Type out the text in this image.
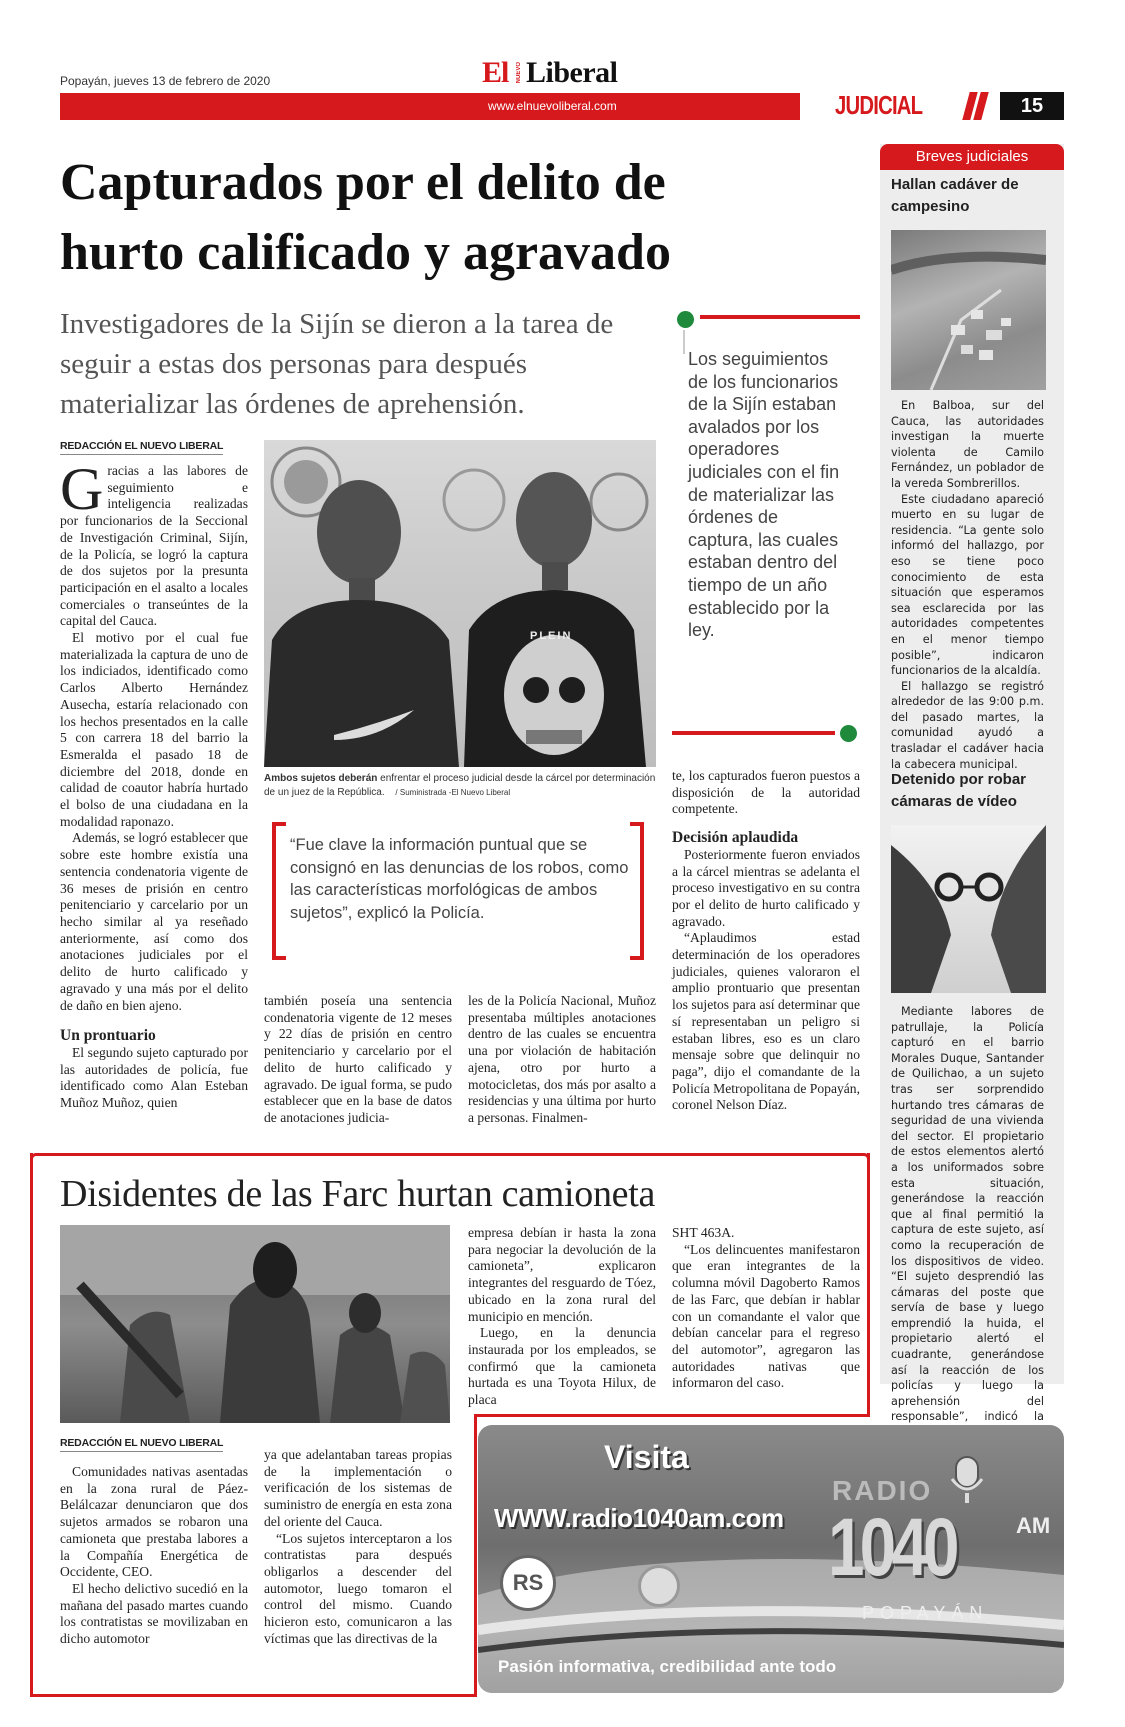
Popayán, jueves 13 de febrero de 2020	El NUEVO Liberal
www.elnuevoliberal.com	JUDICIAL	15
Capturados por el delito de
hurto calificado y agravado
Investigadores de la Sijín se dieron a la tarea de seguir a estas dos personas para después materializar las órdenes de aprehensión.
Los seguimientos de los funcionarios de la Sijín estaban avalados por los operadores judiciales con el fin de materializar las órdenes de captura, las cuales estaban dentro del tiempo de un año establecido por la ley.
REDACCIÓN EL NUEVO LIBERAL
G racias a las labores de seguimiento e inteligencia realizadas por funcionarios de la Seccional de Investigación Criminal, Sijín, de la Policía, se logró la captura de dos sujetos por la presunta participación en el asalto a locales comerciales o transeúntes de la capital del Cauca.

El motivo por el cual fue materializada la captura de uno de los indiciados, identificado como Carlos Alberto Hernández Ausecha, estaría relacionado con los hechos presentados en la calle 5 con carrera 18 del barrio la Esmeralda el pasado 18 de diciembre del 2018, donde en calidad de coautor habría hurtado el bolso de una ciudadana en la modalidad raponazo.

Además, se logró establecer que sobre este hombre existía una sentencia condenatoria vigente de 36 meses de prisión en centro penitenciario y carcelario por un hecho similar al ya reseñado anteriormente, así como dos anotaciones judiciales por el delito de hurto calificado y agravado y una más por el delito de daño en bien ajeno.

Un prontuario

El segundo sujeto capturado por las autoridades de policía, fue identificado como Alan Esteban Muñoz Muñoz, quien

PLEIN
Ambos sujetos deberán enfrentar el proceso judicial desde la cárcel por determinación de un juez de la República. / Suministrada -El Nuevo Liberal
“Fue clave la información puntual que se consignó en las denuncias de los robos, como las características morfológicas de ambos sujetos”, explicó la Policía.
también poseía una sentencia condenatoria vigente de 12 meses y 22 días de prisión en centro penitenciario y carcelario por el delito de hurto calificado y agravado. De igual forma, se pudo establecer que en la base de datos de anotaciones judicia-
les de la Policía Nacional, Muñoz presentaba múltiples anotaciones dentro de las cuales se encuentra una por violación de habitación ajena, otro por hurto a motocicletas, dos más por asalto a residencias y una última por hurto a personas. Finalmen-
te, los capturados fueron puestos a disposición de la autoridad competente.
Decisión aplaudida

Posteriormente fueron enviados a la cárcel mientras se adelanta el proceso investigativo en su contra por el delito de hurto calificado y agravado.

“Aplaudimos estad determinación de los operadores judiciales, quienes valoraron el amplio prontuario que presentan los sujetos para así determinar que sí representaban un peligro si estaban libres, eso es un claro mensaje sobre que delinquir no paga”, dijo el comandante de la Policía Metropolitana de Popayán, coronel Nelson Díaz.

Breves judiciales
Hallan cadáver de campesino

En Balboa, sur del Cauca, las autoridades investigan la muerte violenta de Camilo Fernández, un poblador de la vereda Sombrerillos.

Este ciudadano apareció muerto en su lugar de residencia. “La gente solo informó del hallazgo, por eso se tiene poco conocimiento de esta situación que esperamos sea esclarecida por las autoridades competentes en el menor tiempo posible”, indicaron funcionarios de la alcaldía.

El hallazgo se registró alrededor de las 9:00 p.m. del pasado martes, la comunidad ayudó a trasladar el cadáver hacia la cabecera municipal.

Detenido por robar cámaras de vídeo

Mediante labores de patrullaje, la Policía capturó en el barrio Morales Duque, Santander de Quilichao, a un sujeto tras ser sorprendido hurtando tres cámaras de seguridad de una vivienda del sector. El propietario de estos elementos alertó a los uniformados sobre esta situación, generándose la reacción que al final permitió la captura de este sujeto, así como la recuperación de los dispositivos de video. “El sujeto desprendió las cámaras del poste que servía de base y luego emprendió la huida, el propietario alertó el cuadrante, generándose así la reacción de los policías y luego la aprehensión del responsable”, indicó la

Disidentes de las Farc hurtan camioneta
REDACCIÓN EL NUEVO LIBERAL

Comunidades nativas asentadas en la zona rural de Páez-Belálcazar denunciaron que dos sujetos armados se robaron una camioneta que prestaba labores a la Compañía Energética de Occidente, CEO.

El hecho delictivo sucedió en la mañana del pasado martes cuando los contratistas se movilizaban en dicho automotor

ya que adelantaban tareas propias de la implementación o verificación de los sistemas de suministro de energía en esta zona del oriente del Cauca.

“Los sujetos interceptaron a los contratistas para después obligarlos a descender del automotor, luego tomaron el control del mismo. Cuando hicieron esto, comunicaron a las víctimas que las directivas de la

empresa debían ir hasta la zona para negociar la devolución de la camioneta”, explicaron integrantes del resguardo de Tóez, ubicado en la zona rural del municipio en mención.

Luego, en la denuncia instaurada por los empleados, se confirmó que la camioneta hurtada es una Toyota Hilux, de placa

SHT 463A.

“Los delincuentes manifestaron que eran integrantes de la columna móvil Dagoberto Ramos de las Farc, que debían ir hablar con un comandante el valor que debían cancelar para el regreso del automotor”, agregaron las autoridades nativas que informaron del caso.

Visita
WWW.radio1040am.com
RADIO
1040	AM
POPAYÁN
RS
Pasión informativa, credibilidad ante todo
